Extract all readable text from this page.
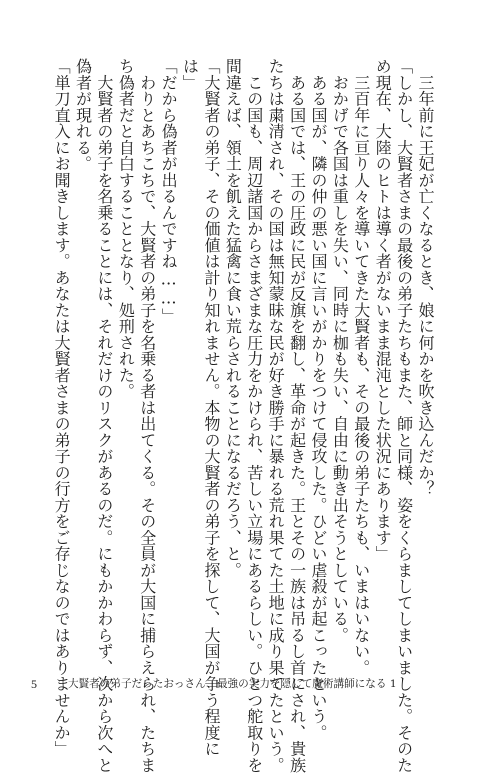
　三年前に王妃が亡くなるとき、娘に何かを吹き込んだか？

「しかし、大賢者さまの最後の弟子たちもまた、師と同様、姿をくらましてしまいました。そのた

め現在、大陸のヒトは導く者がないまま混沌とした状況にあります」

　三百年に亘り人々を導いてきた大賢者も、その最後の弟子たちも、いまはいない。

　おかげで各国は重しを失い、同時に枷も失い、自由に動き出そうとしている。

　ある国が、隣の仲の悪い国に言いがかりをつけて侵攻した。ひどい虐殺が起こったという。

　ある国では、王の圧政に民が反旗を翻し、革命が起きた。王とその一族は吊るし首にされ、貴族

たちは粛清され、その国は無知蒙昧な民が好き勝手に暴れる荒れ果てた土地に成り果てたという。

　この国も、周辺諸国からさまざまな圧力をかけられ、苦しい立場にあるらしい。ひとつ舵取りを

間違えば、領土を飢えた猛禽に食い荒らされることになるだろう、と。

「大賢者の弟子、その価値は計り知れません。本物の大賢者の弟子を探して、大国が争う程度に

は」

「だから偽者が出るんですね……」

　わりとあちこちで、大賢者の弟子を名乗る者は出てくる。その全員が大国に捕らえられ、たちま

ち偽者だと自白することとなり、処刑された。

　大賢者の弟子を名乗ることには、それだけのリスクがあるのだ。にもかかわらず、次から次へと

偽者が現れる。

「単刀直入にお聞きします。あなたは大賢者さまの弟子の行方をご存じなのではありませんか」

5	大賢者の弟子だったおっさん、最強の実力を隠して魔術講師になる 1
